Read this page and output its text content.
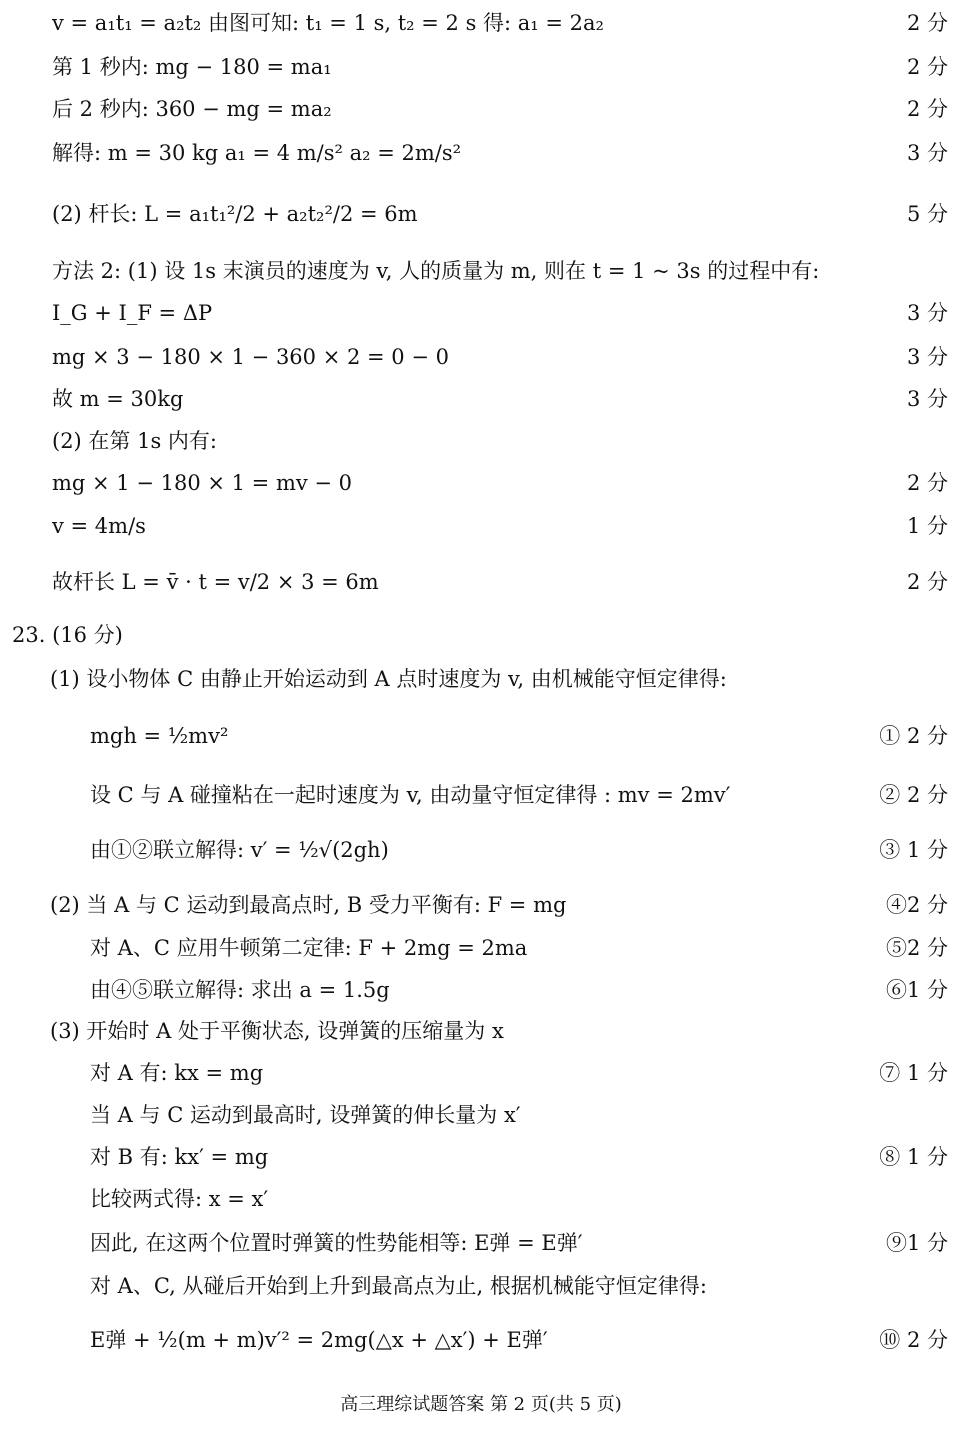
v = a₁t₁ = a₂t₂ 由图可知: t₁ = 1 s, t₂ = 2 s 得: a₁ = 2a₂	2 分
第 1 秒内: mg − 180 = ma₁	2 分
后 2 秒内: 360 − mg = ma₂	2 分
解得: m = 30 kg a₁ = 4 m/s² a₂ = 2m/s²	3 分
(2) 杆长: L = a₁t₁²/2 + a₂t₂²/2 = 6m	5 分
方法 2: (1) 设 1s 末演员的速度为 v, 人的质量为 m, 则在 t = 1 ~ 3s 的过程中有:
I_G + I_F = ΔP	3 分
mg × 3 − 180 × 1 − 360 × 2 = 0 − 0	3 分
故 m = 30kg	3 分
(2) 在第 1s 内有:
mg × 1 − 180 × 1 = mv − 0	2 分
v = 4m/s	1 分
故杆长 L = v̄ · t = v/2 × 3 = 6m	2 分
23. (16 分)
(1) 设小物体 C 由静止开始运动到 A 点时速度为 v, 由机械能守恒定律得:
mgh = ½mv²	① 2 分
设 C 与 A 碰撞粘在一起时速度为 v, 由动量守恒定律得 : mv = 2mv′	② 2 分
由①②联立解得: v′ = ½√(2gh)	③ 1 分
(2) 当 A 与 C 运动到最高点时, B 受力平衡有: F = mg	④2 分
对 A、C 应用牛顿第二定律: F + 2mg = 2ma	⑤2 分
由④⑤联立解得: 求出 a = 1.5g	⑥1 分
(3) 开始时 A 处于平衡状态, 设弹簧的压缩量为 x
对 A 有: kx = mg	⑦ 1 分
当 A 与 C 运动到最高时, 设弹簧的伸长量为 x′
对 B 有: kx′ = mg	⑧ 1 分
比较两式得: x = x′
因此, 在这两个位置时弹簧的性势能相等: E弹 = E弹′	⑨1 分
对 A、C, 从碰后开始到上升到最高点为止, 根据机械能守恒定律得:
E弹 + ½(m + m)v′² = 2mg(△x + △x′) + E弹′	⑩ 2 分
高三理综试题答案 第 2 页(共 5 页)
